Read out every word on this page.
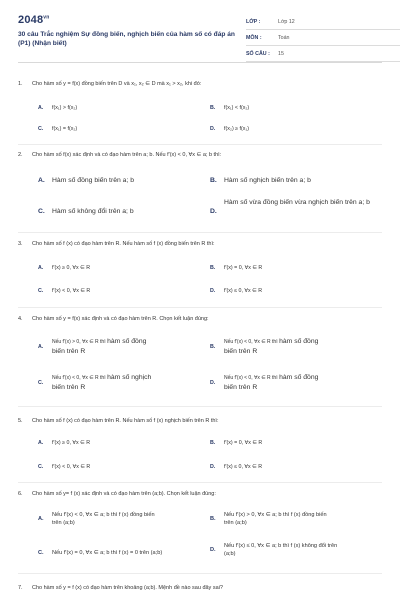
$2048^{vn}$
30 câu Trắc nghiệm Sự đồng biến, nghịch biến của hàm số có đáp án (P1) (Nhận biết)
LỚP :	Lớp 12
MÔN :	Toán
SỐ CÂU :	15
1.	Cho hàm số y = f(x) đồng biến trên D và x₁, x₂ ∈ D mà x₁ > x₂, khi đó:
A.	f(x₁) > f(x₂)	B.	f(x₁) < f(x₂)
C.	f(x₁) = f(x₂)	D.	f(x₂) ≥ f(x₁)
2.	Cho hàm số f(x) xác định và có đạo hàm trên a; b. Nếu f'(x) < 0, ∀x ∈ a; b thì:
A.	Hàm số đồng biến trên a; b	B.	Hàm số nghịch biến trên a; b
C.	Hàm số không đổi trên a; b	D.
Hàm số vừa đồng biến vừa nghịch biến trên a; b
3.	Cho hàm số f (x) có đạo hàm trên R. Nếu hàm số f (x) đồng biến trên R thì:
A.	f'(x) ≥ 0, ∀x ∈ R	B.	f'(x) = 0, ∀x ∈ R
C.	f'(x) < 0, ∀x ∈ R	D.	f'(x) ≤ 0, ∀x ∈ R
4.	Cho hàm số y = f(x) xác định và có đạo hàm trên R. Chọn kết luận đúng:
A.
Nếu f'(x) > 0, ∀x ∈ R thì hàm số đồng
biến trên R
B.
Nếu f'(x) < 0, ∀x ∈ R thì hàm số đồng
biến trên R
C.
Nếu f'(x) < 0, ∀x ∈ R thì hàm số nghịch
biến trên R
D.
Nếu f'(x) < 0, ∀x ∈ R thì hàm số đồng
biến trên R
5.	Cho hàm số f (x) có đạo hàm trên R. Nếu hàm số f (x) nghịch biến trên R thì:
A.	f'(x) ≥ 0, ∀x ∈ R	B.	f'(x) = 0, ∀x ∈ R
C.	f'(x) < 0, ∀x ∈ R	D.	f'(x) ≤ 0, ∀x ∈ R
6.	Cho hàm số y= f (x) xác định và có đạo hàm trên (a;b). Chọn kết luận đúng:
A.
Nếu f'(x) < 0, ∀x ∈ a; b thì f (x) đồng biến
trên (a;b)
B.
Nếu f'(x) > 0, ∀x ∈ a; b thì f (x) đồng biến
trên (a;b)
C.	Nếu f'(x) = 0, ∀x ∈ a; b thì f (x) = 0 trên (a;b)
D.
Nếu f'(x) ≤ 0, ∀x ∈ a; b thì f (x) không đổi trên
(a;b)
7.	Cho hàm số y = f (x) có đạo hàm trên khoảng (a;b). Mệnh đề nào sau đây sai?
